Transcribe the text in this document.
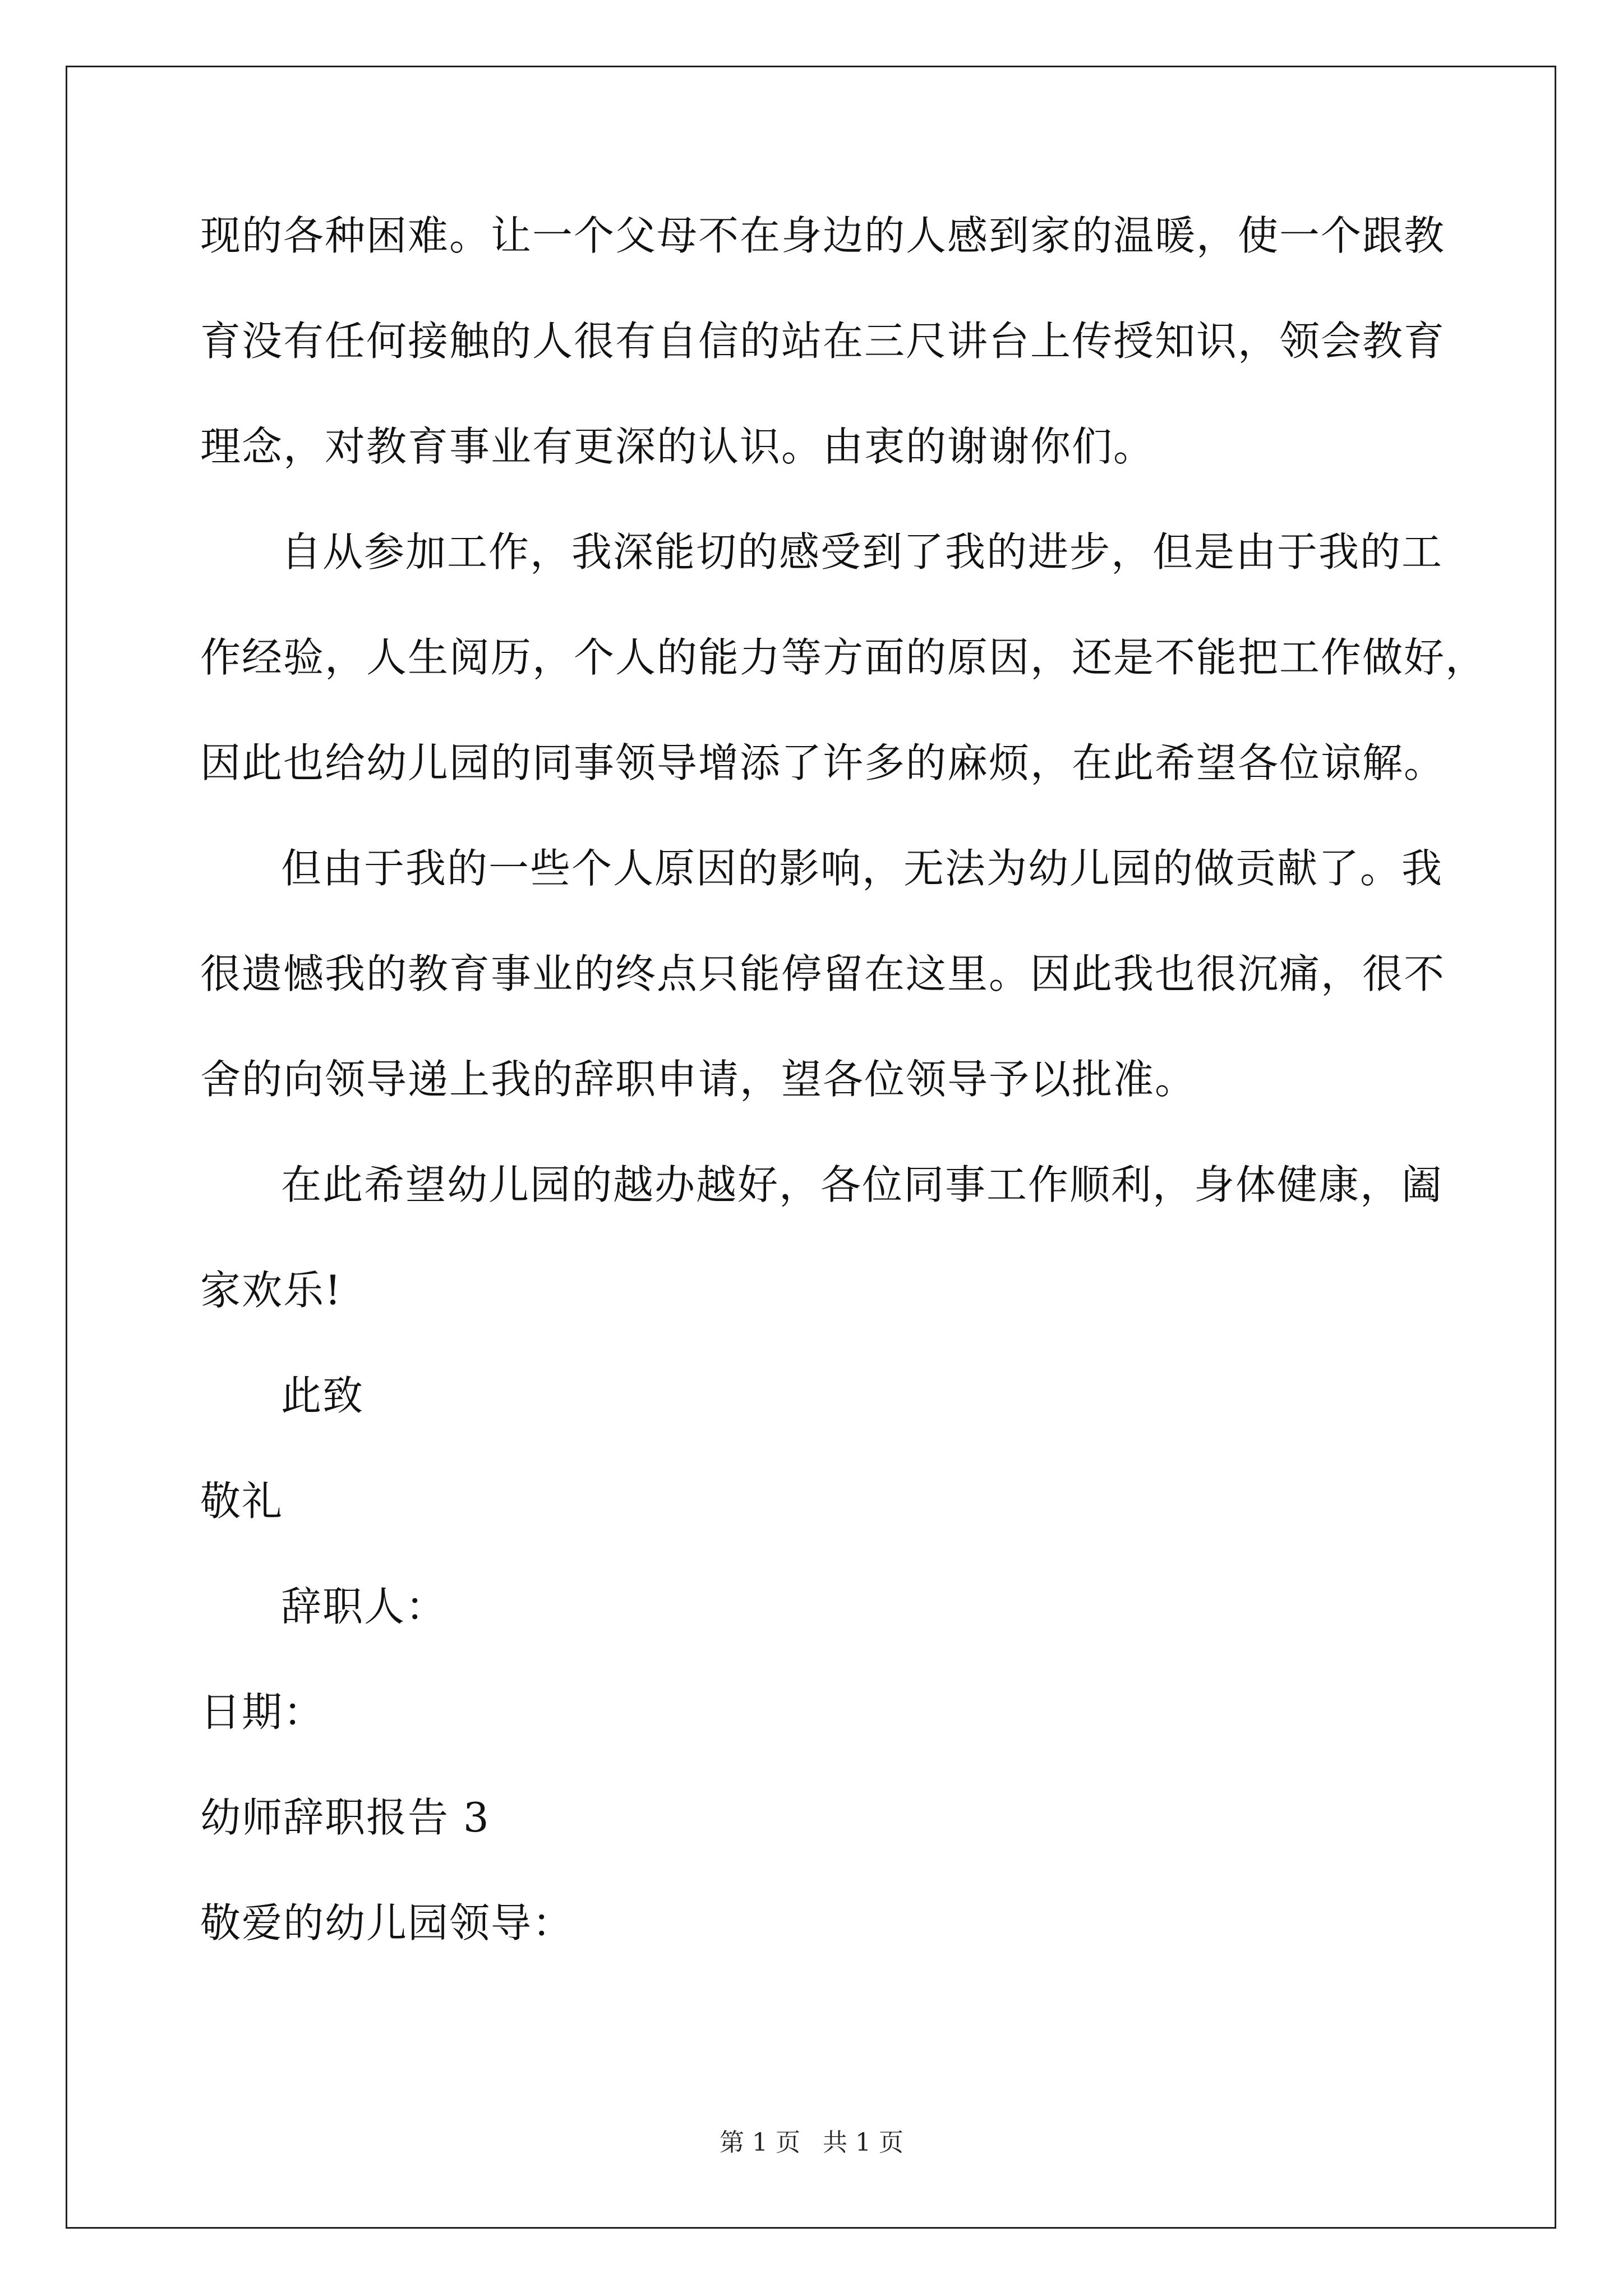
现的各种困难。让一个父母不在身边的人感到家的温暖，使一个跟教
育没有任何接触的人很有自信的站在三尺讲台上传授知识，领会教育
理念，对教育事业有更深的认识。由衷的谢谢你们。
自从参加工作，我深能切的感受到了我的进步，但是由于我的工
作经验，人生阅历，个人的能力等方面的原因，还是不能把工作做好，
因此也给幼儿园的同事领导增添了许多的麻烦，在此希望各位谅解。
但由于我的一些个人原因的影响，无法为幼儿园的做贡献了。我
很遗憾我的教育事业的终点只能停留在这里。因此我也很沉痛，很不
舍的向领导递上我的辞职申请，望各位领导予以批准。
在此希望幼儿园的越办越好，各位同事工作顺利，身体健康，阖
家欢乐!
此致
敬礼
辞职人：
日期：
幼师辞职报告 3
敬爱的幼儿园领导：
第 1 页 共 1 页
